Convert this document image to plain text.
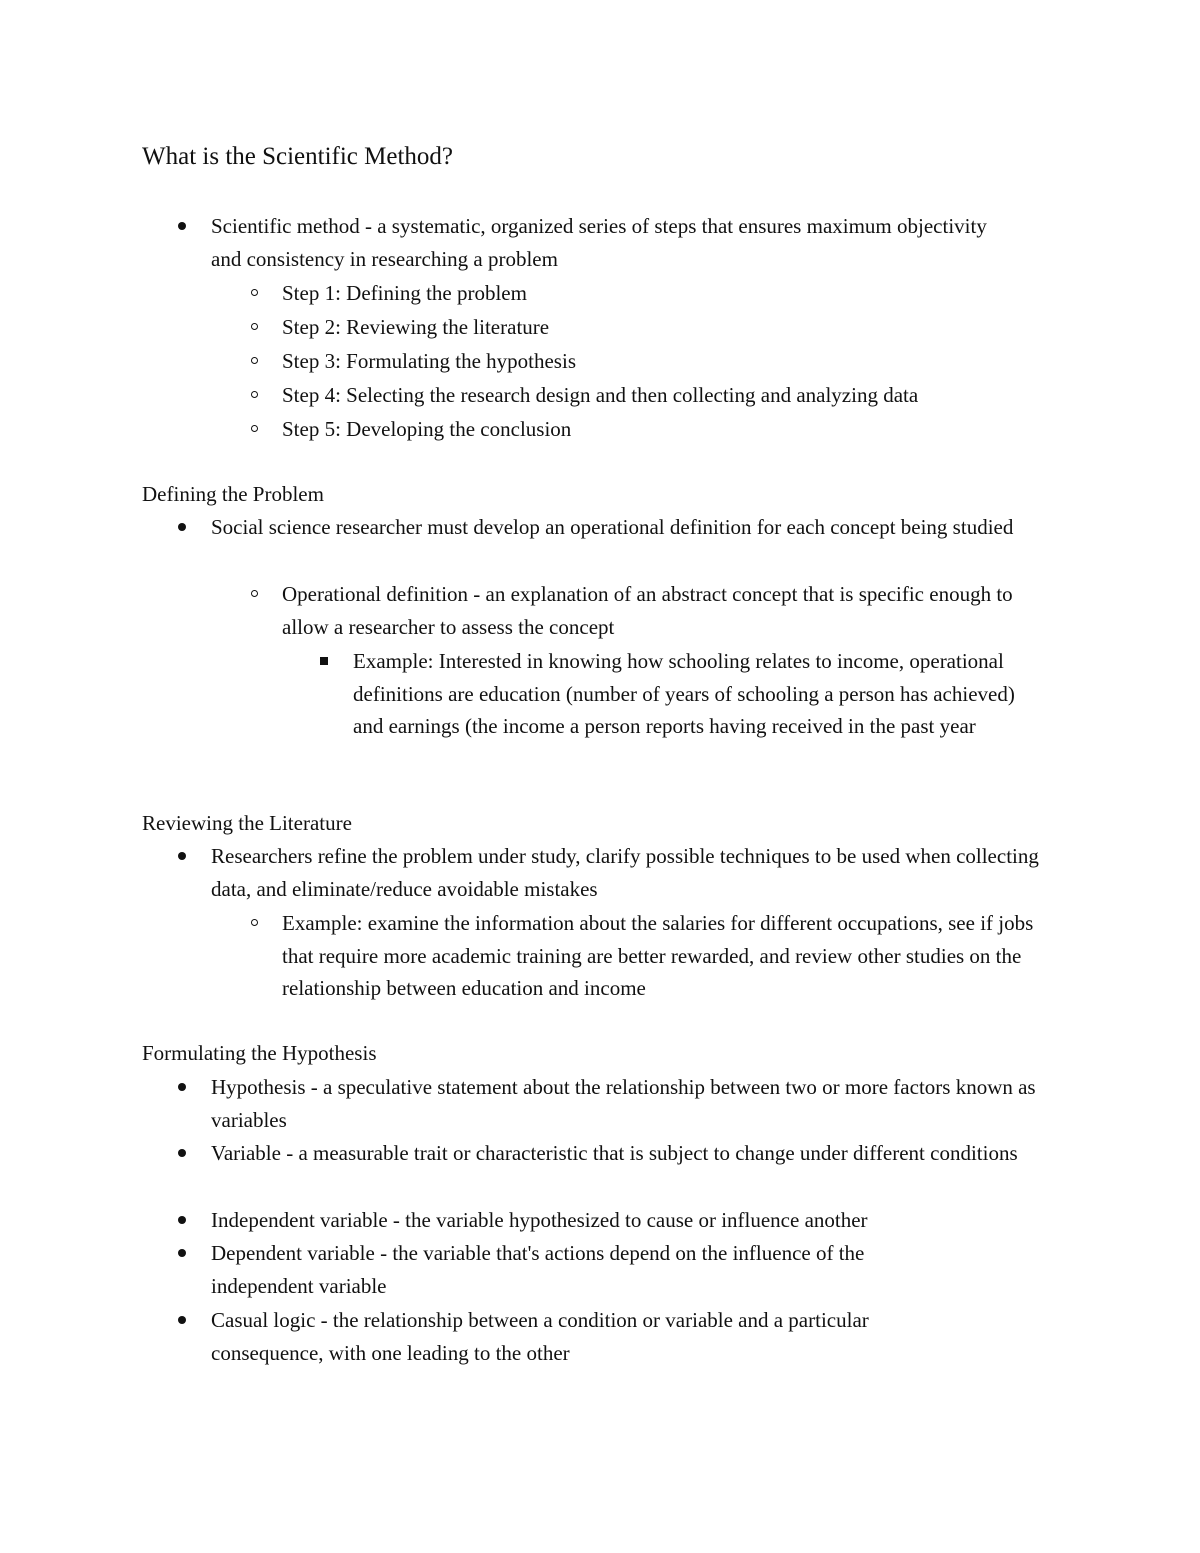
What is the Scientific Method?
Scientific method - a systematic, organized series of steps that ensures maximum objectivity and consistency in researching a problem
Step 1: Defining the problem
Step 2: Reviewing the literature
Step 3: Formulating the hypothesis
Step 4: Selecting the research design and then collecting and analyzing data
Step 5: Developing the conclusion
Defining the Problem
Social science researcher must develop an operational definition for each concept being studied
Operational definition - an explanation of an abstract concept that is specific enough to allow a researcher to assess the concept
Example: Interested in knowing how schooling relates to income, operational definitions are education (number of years of schooling a person has achieved) and earnings (the income a person reports having received in the past year
Reviewing the Literature
Researchers refine the problem under study, clarify possible techniques to be used when collecting data, and eliminate/reduce avoidable mistakes
Example: examine the information about the salaries for different occupations, see if jobs that require more academic training are better rewarded, and review other studies on the relationship between education and income
Formulating the Hypothesis
Hypothesis - a speculative statement about the relationship between two or more factors known as variables
Variable - a measurable trait or characteristic that is subject to change under different conditions
Independent variable - the variable hypothesized to cause or influence another
Dependent variable - the variable that's actions depend on the influence of the independent variable
Casual logic - the relationship between a condition or variable and a particular consequence, with one leading to the other
